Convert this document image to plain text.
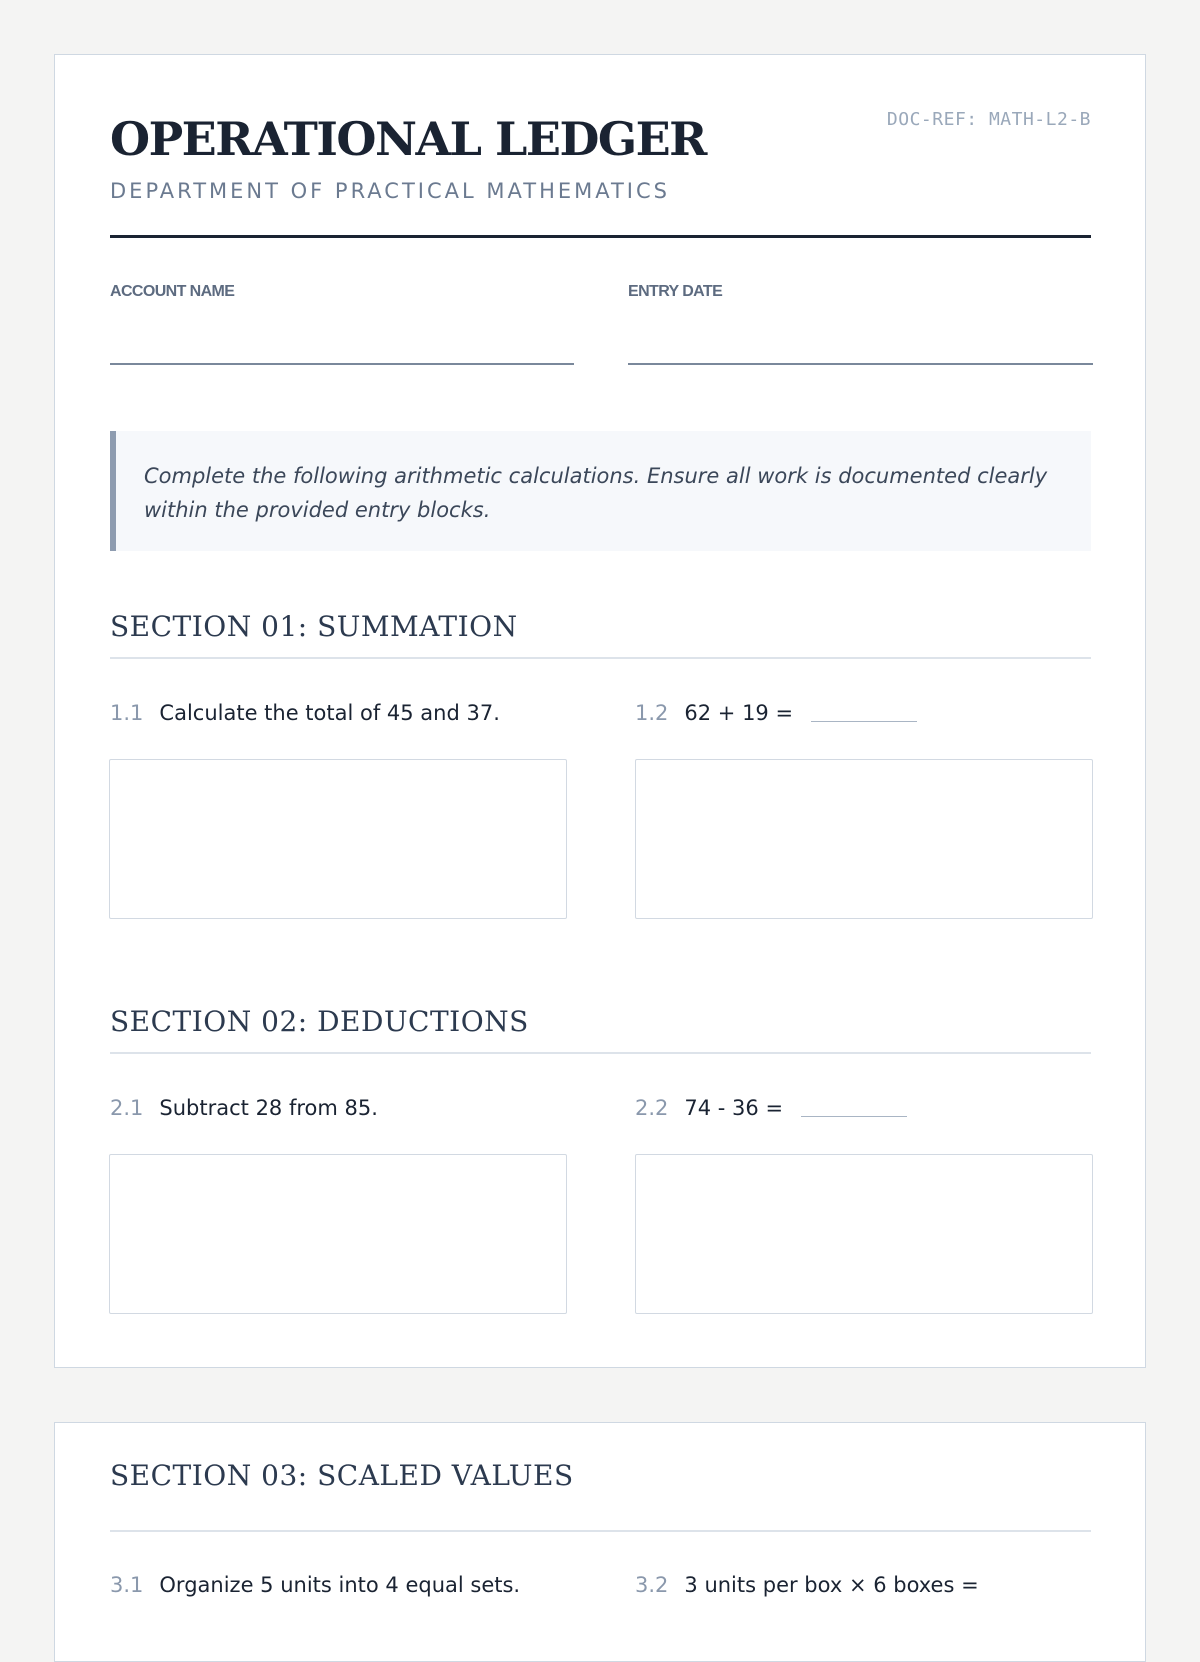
OPERATIONAL LEDGER	DOC-REF: MATH-L2-B
DEPARTMENT OF PRACTICAL MATHEMATICS
ACCOUNT NAME	ENTRY DATE
Complete the following arithmetic calculations. Ensure all work is documented clearly within the provided entry blocks.
SECTION 01: SUMMATION
1.1 Calculate the total of 45 and 37.	1.2 62 + 19 =
SECTION 02: DEDUCTIONS
2.1 Subtract 28 from 85.	2.2 74 - 36 =
SECTION 03: SCALED VALUES
3.1 Organize 5 units into 4 equal sets.	3.2 3 units per box × 6 boxes =
